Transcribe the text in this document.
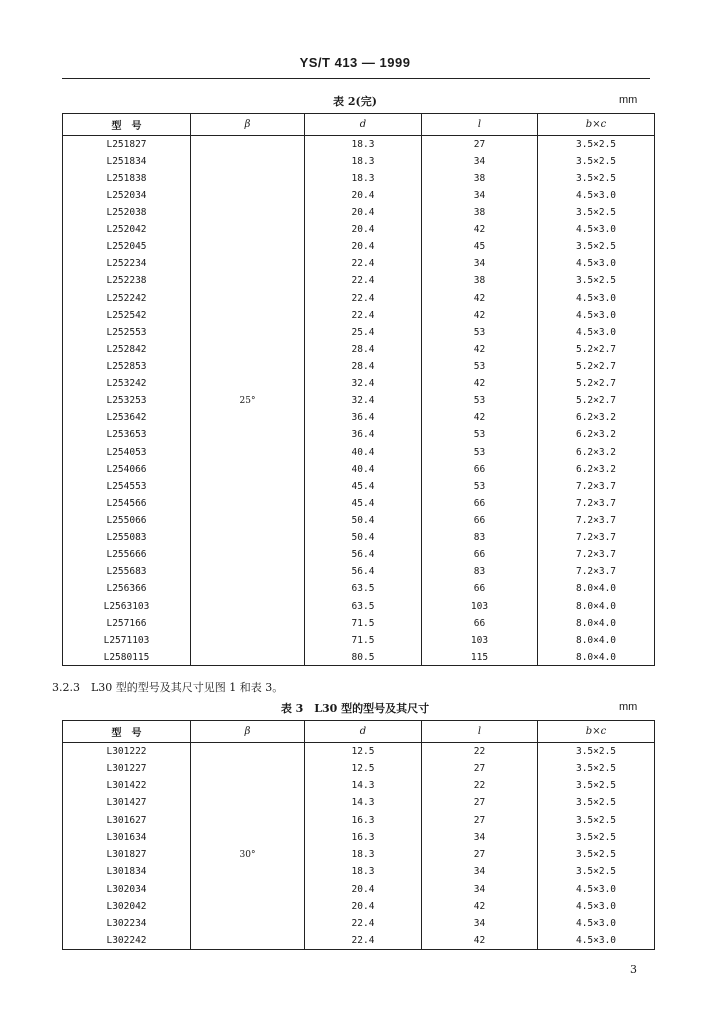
YS/T 413 — 1999
表 2(完)	mm
型　号	β	d	l	b×c
L251827		18.3	27	3.5×2.5
L251834		18.3	34	3.5×2.5
L251838		18.3	38	3.5×2.5
L252034		20.4	34	4.5×3.0
L252038		20.4	38	3.5×2.5
L252042		20.4	42	4.5×3.0
L252045		20.4	45	3.5×2.5
L252234		22.4	34	4.5×3.0
L252238		22.4	38	3.5×2.5
L252242		22.4	42	4.5×3.0
L252542		22.4	42	4.5×3.0
L252553		25.4	53	4.5×3.0
L252842		28.4	42	5.2×2.7
L252853		28.4	53	5.2×2.7
L253242		32.4	42	5.2×2.7
L253253	25°	32.4	53	5.2×2.7
L253642		36.4	42	6.2×3.2
L253653		36.4	53	6.2×3.2
L254053		40.4	53	6.2×3.2
L254066		40.4	66	6.2×3.2
L254553		45.4	53	7.2×3.7
L254566		45.4	66	7.2×3.7
L255066		50.4	66	7.2×3.7
L255083		50.4	83	7.2×3.7
L255666		56.4	66	7.2×3.7
L255683		56.4	83	7.2×3.7
L256366		63.5	66	8.0×4.0
L2563103		63.5	103	8.0×4.0
L257166		71.5	66	8.0×4.0
L2571103		71.5	103	8.0×4.0
L2580115		80.5	115	8.0×4.0
3.2.3　L30 型的型号及其尺寸见图 1 和表 3。
表 3　L30 型的型号及其尺寸	mm
型　号	β	d	l	b×c
L301222		12.5	22	3.5×2.5
L301227		12.5	27	3.5×2.5
L301422		14.3	22	3.5×2.5
L301427		14.3	27	3.5×2.5
L301627		16.3	27	3.5×2.5
L301634		16.3	34	3.5×2.5
L301827	30°	18.3	27	3.5×2.5
L301834		18.3	34	3.5×2.5
L302034		20.4	34	4.5×3.0
L302042		20.4	42	4.5×3.0
L302234		22.4	34	4.5×3.0
L302242		22.4	42	4.5×3.0
3
